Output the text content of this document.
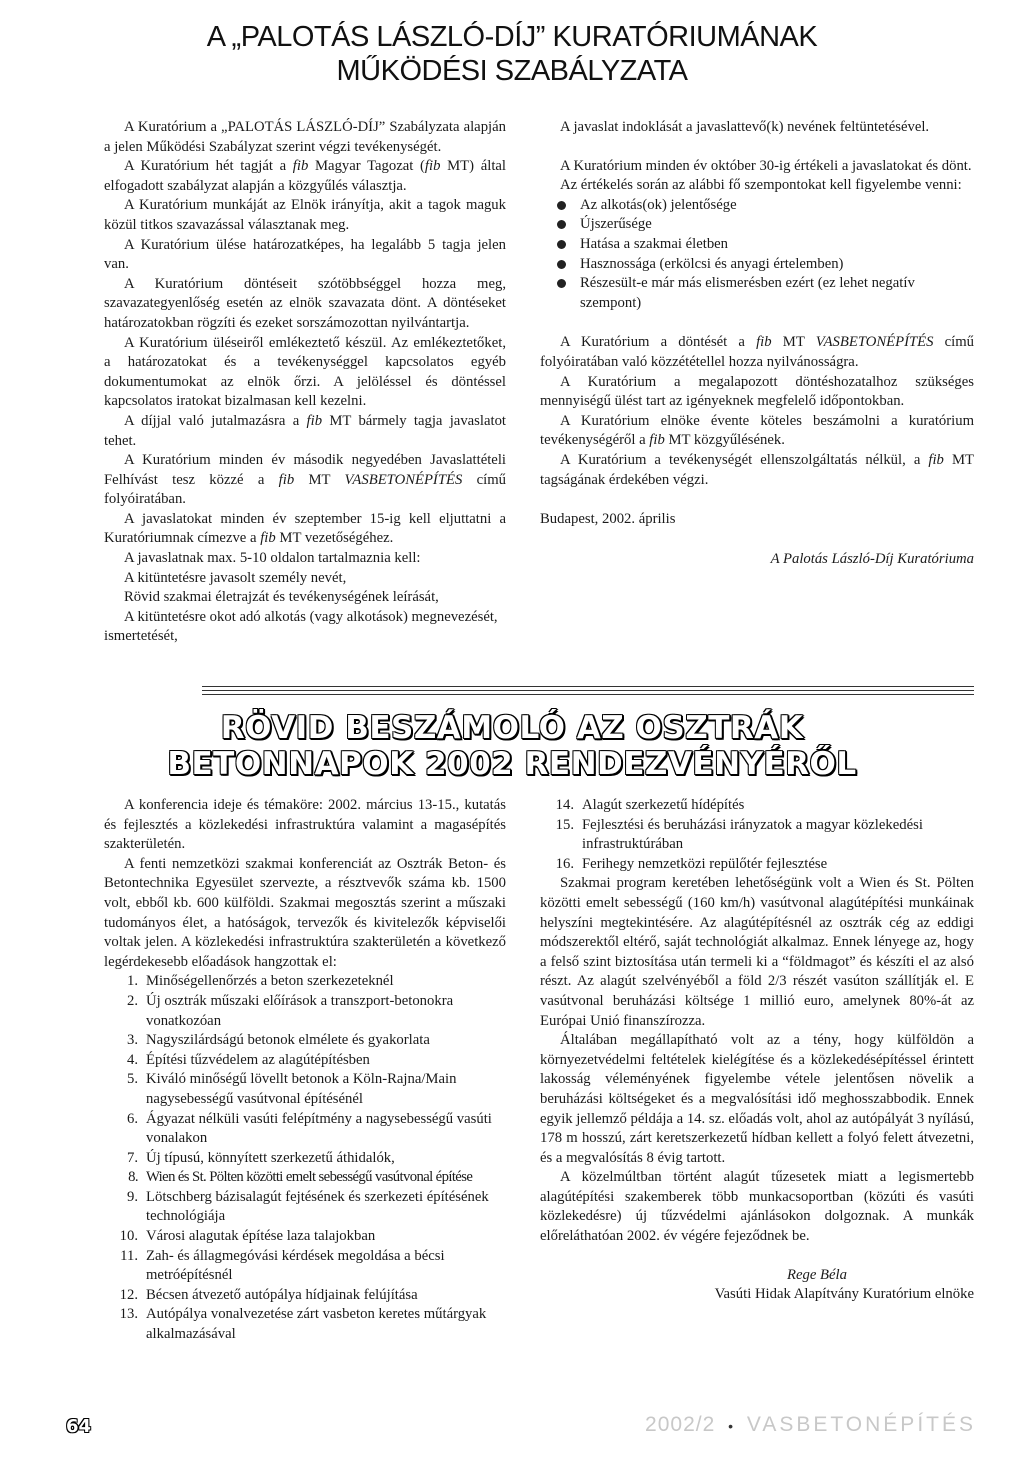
A „PALOTÁS LÁSZLÓ-DÍJ” KURATÓRIUMÁNAK
MŰKÖDÉSI SZABÁLYZATA

A Kuratórium a „PALOTÁS LÁSZLÓ-DÍJ” Szabályzata alapján a jelen Működési Szabályzat szerint végzi tevékenységét.

A Kuratórium hét tagját a fib Magyar Tagozat (fib MT) által elfogadott szabályzat alapján a közgyűlés választja.

A Kuratórium munkáját az Elnök irányítja, akit a tagok maguk közül titkos szavazással választanak meg.

A Kuratórium ülése határozatképes, ha legalább 5 tagja jelen van.

A Kuratórium döntéseit szótöbbséggel hozza meg, szavazategyenlőség esetén az elnök szavazata dönt. A döntéseket határozatokban rögzíti és ezeket sorszámozottan nyilvántartja.

A Kuratórium üléseiről emlékeztető készül. Az emlékeztetőket, a határozatokat és a tevékenységgel kapcsolatos egyéb dokumentumokat az elnök őrzi. A jelöléssel és döntéssel kapcsolatos iratokat bizalmasan kell kezelni.

A díjjal való jutalmazásra a fib MT bármely tagja javaslatot tehet.

A Kuratórium minden év második negyedében Javaslattételi Felhívást tesz közzé a fib MT VASBETONÉPÍTÉS című folyóiratában.

A javaslatokat minden év szeptember 15-ig kell eljuttatni a Kuratóriumnak címezve a fib MT vezetőségéhez.

A javaslatnak max. 5-10 oldalon tartalmaznia kell:

A kitüntetésre javasolt személy nevét,

Rövid szakmai életrajzát és tevékenységének leírását,

A kitüntetésre okot adó alkotás (vagy alkotások) megnevezését, ismertetését,

A javaslat indoklását a javaslattevő(k) nevének feltüntetésével.

A Kuratórium minden év október 30-ig értékeli a javaslatokat és dönt.

Az értékelés során az alábbi fő szempontokat kell figyelembe venni:

Az alkotás(ok) jelentősége
Újszerűsége
Hatása a szakmai életben
Hasznossága (erkölcsi és anyagi értelemben)
Részesült-e már más elismerésben ezért (ez lehet negatív szempont)

A Kuratórium a döntését a fib MT VASBETONÉPÍTÉS című folyóiratában való közzététellel hozza nyilvánosságra.

A Kuratórium a megalapozott döntéshozatalhoz szükséges mennyiségű ülést tart az igényeknek megfelelő időpontokban.

A Kuratórium elnöke évente köteles beszámolni a kuratórium tevékenységéről a fib MT közgyűlésének.

A Kuratórium a tevékenységét ellenszolgáltatás nélkül, a fib MT tagságának érdekében végzi.

Budapest, 2002. április

A Palotás László-Díj Kuratóriuma

RÖVID BESZÁMOLÓ AZ OSZTRÁK
BETONNAPOK 2002 RENDEZVÉNYÉRŐL

A konferencia ideje és témaköre: 2002. március 13-15., kutatás és fejlesztés a közlekedési infrastruktúra valamint a magasépítés szakterületén.

A fenti nemzetközi szakmai konferenciát az Osztrák Beton- és Betontechnika Egyesület szervezte, a résztvevők száma kb. 1500 volt, ebből kb. 600 külföldi. Szakmai megosztás szerint a műszaki tudományos élet, a hatóságok, tervezők és kivitelezők képviselői voltak jelen. A közlekedési infrastruktúra szakterületén a következő legérdekesebb előadások hangzottak el:

1. Minőségellenőrzés a beton szerkezeteknél
2. Új osztrák műszaki előírások a transzport-betonokra vonatkozóan
3. Nagyszilárdságú betonok elmélete és gyakorlata
4. Építési tűzvédelem az alagútépítésben
5. Kiváló minőségű lövellt betonok a Köln-Rajna/Main nagysebességű vasútvonal építésénél
6. Ágyazat nélküli vasúti felépítmény a nagysebességű vasúti vonalakon
7. Új típusú, könnyített szerkezetű áthidalók,
8. Wien és St. Pölten közötti emelt sebességű vasútvonal építése
9. Lötschberg bázisalagút fejtésének és szerkezeti építésének technológiája
10. Városi alagutak építése laza talajokban
11. Zah- és állagmegóvási kérdések megoldása a bécsi metróépítésnél
12. Bécsen átvezető autópálya hídjainak felújítása
13. Autópálya vonalvezetése zárt vasbeton keretes műtárgyak alkalmazásával
14. Alagút szerkezetű hídépítés
15. Fejlesztési és beruházási irányzatok a magyar közlekedési infrastruktúrában
16. Ferihegy nemzetközi repülőtér fejlesztése

Szakmai program keretében lehetőségünk volt a Wien és St. Pölten közötti emelt sebességű (160 km/h) vasútvonal alagútépítési munkáinak helyszíni megtekintésére. Az alagútépítésnél az osztrák cég az eddigi módszerektől eltérő, saját technológiát alkalmaz. Ennek lényege az, hogy a felső szint biztosítása után termeli ki a “földmagot” és készíti el az alsó részt. Az alagút szelvényéből a föld 2/3 részét vasúton szállítják el. E vasútvonal beruházási költsége 1 millió euro, amelynek 80%-át az Európai Unió finanszírozza.

Általában megállapítható volt az a tény, hogy külföldön a környezetvédelmi feltételek kielégítése és a közlekedésépítéssel érintett lakosság véleményének figyelembe vétele jelentősen növelik a beruházási költségeket és a megvalósítási idő meghosszabbodik. Ennek egyik jellemző példája a 14. sz. előadás volt, ahol az autópályát 3 nyílású, 178 m hosszú, zárt keretszerkezetű hídban kellett a folyó felett átvezetni, és a megvalósítás 8 évig tartott.

A közelmúltban történt alagút tűzesetek miatt a legismertebb alagútépítési szakemberek több munkacsoportban (közúti és vasúti közlekedésre) új tűzvédelmi ajánlásokon dolgoznak. A munkák előreláthatóan 2002. év végére fejeződnek be.

Rege Béla

Vasúti Hidak Alapítvány Kuratórium elnöke

64	2002/2 • VASBETONÉPÍTÉS
